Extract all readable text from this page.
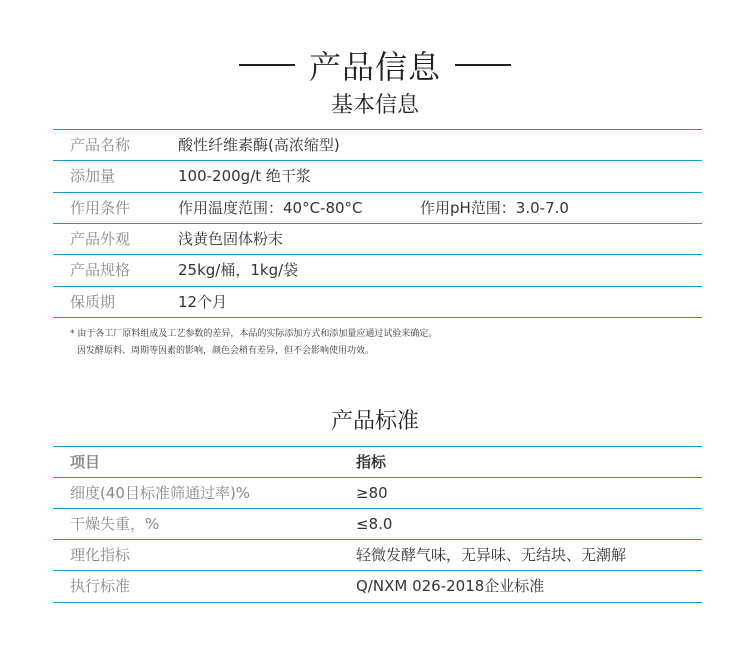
产品信息
基本信息
产品名称	酸性纤维素酶(高浓缩型)
添加量	100-200g/t 绝干浆
作用条件	作用温度范围：40°C-80°C	作用pH范围：3.0-7.0
产品外观	浅黄色固体粉末
产品规格	25kg/桶，1kg/袋
保质期	12个月
* 由于各工厂原料组成及工艺参数的差异，本品的实际添加方式和添加量应通过试验来确定。
因发酵原料、周期等因素的影响，颜色会稍有差异，但不会影响使用功效。
产品标准
项目	指标
细度(40目标准筛通过率)%	≥80
干燥失重，%	≤8.0
理化指标	轻微发酵气味，无异味、无结块、无潮解
执行标准	Q/NXM 026-2018企业标准
